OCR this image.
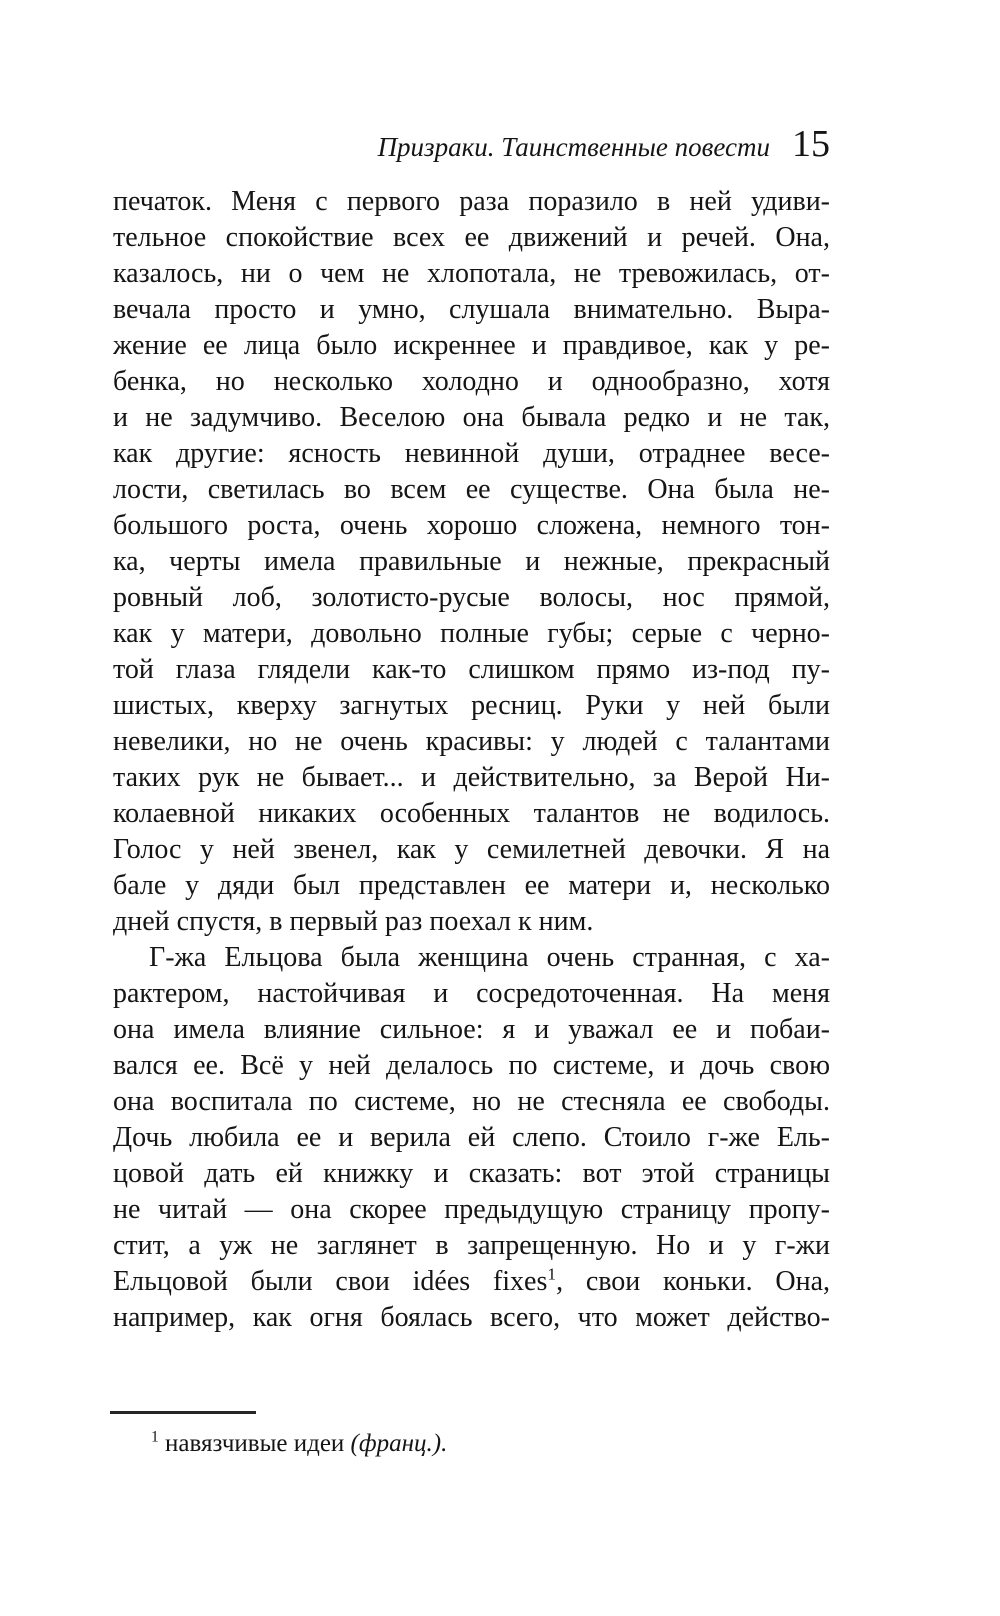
Призраки. Таинственные повести 15
печаток. Меня с первого раза поразило в ней удиви-
тельное спокойствие всех ее движений и речей. Она,
казалось, ни о чем не хлопотала, не тревожилась, от-
вечала просто и умно, слушала внимательно. Выра-
жение ее лица было искреннее и правдивое, как у ре-
бенка, но несколько холодно и однообразно, хотя
и не задумчиво. Веселою она бывала редко и не так,
как другие: ясность невинной души, отраднее весе-
лости, светилась во всем ее существе. Она была не-
большого роста, очень хорошо сложена, немного тон-
ка, черты имела правильные и нежные, прекрасный
ровный лоб, золотисто-русые волосы, нос прямой,
как у матери, довольно полные губы; серые с черно-
той глаза глядели как-то слишком прямо из-под пу-
шистых, кверху загнутых ресниц. Руки у ней были
невелики, но не очень красивы: у людей с талантами
таких рук не бывает... и действительно, за Верой Ни-
колаевной никаких особенных талантов не водилось.
Голос у ней звенел, как у семилетней девочки. Я на
бале у дяди был представлен ее матери и, несколько
дней спустя, в первый раз поехал к ним.
Г-жа Ельцова была женщина очень странная, с ха-
рактером, настойчивая и сосредоточенная. На меня
она имела влияние сильное: я и уважал ее и побаи-
вался ее. Всё у ней делалось по системе, и дочь свою
она воспитала по системе, но не стесняла ее свободы.
Дочь любила ее и верила ей слепо. Стоило г-же Ель-
цовой дать ей книжку и сказать: вот этой страницы
не читай — она скорее предыдущую страницу пропу-
стит, а уж не заглянет в запрещенную. Но и у г-жи
Ельцовой были свои idées fixes$^1$, свои коньки. Она,
например, как огня боялась всего, что может действо-
$^1$ навязчивые идеи (франц.).
